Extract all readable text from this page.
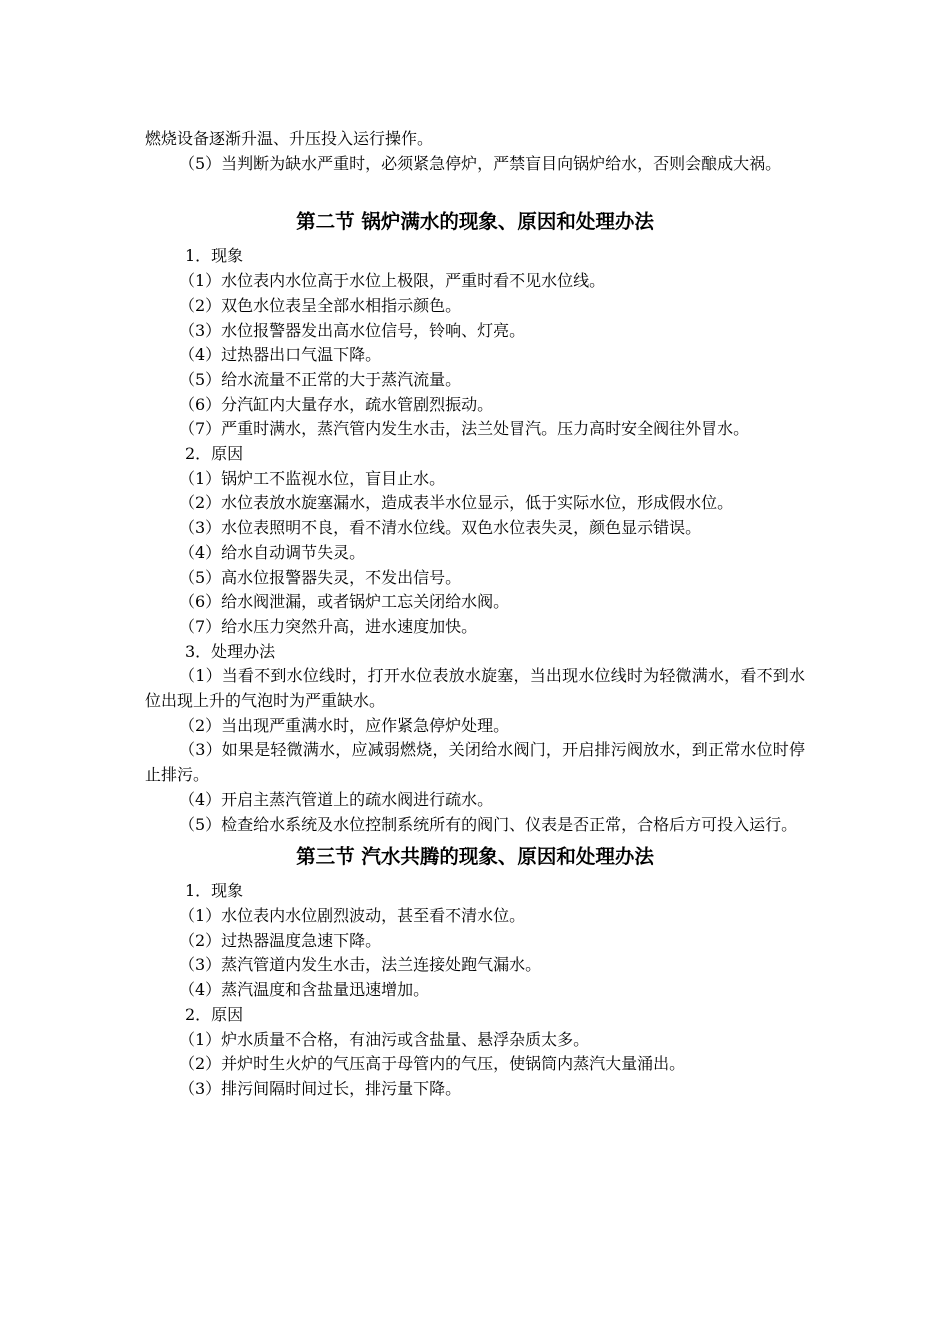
燃烧设备逐渐升温、升压投入运行操作。

（5）当判断为缺水严重时，必须紧急停炉，严禁盲目向锅炉给水，否则会酿成大祸。

第二节 锅炉满水的现象、原因和处理办法

1．现象

（1）水位表内水位高于水位上极限，严重时看不见水位线。

（2）双色水位表呈全部水相指示颜色。

（3）水位报警器发出高水位信号，铃响、灯亮。

（4）过热器出口气温下降。

（5）给水流量不正常的大于蒸汽流量。

（6）分汽缸内大量存水，疏水管剧烈振动。

（7）严重时满水，蒸汽管内发生水击，法兰处冒汽。压力高时安全阀往外冒水。

2．原因

（1）锅炉工不监视水位，盲目止水。

（2）水位表放水旋塞漏水，造成表半水位显示，低于实际水位，形成假水位。

（3）水位表照明不良，看不清水位线。双色水位表失灵，颜色显示错误。

（4）给水自动调节失灵。

（5）高水位报警器失灵，不发出信号。

（6）给水阀泄漏，或者锅炉工忘关闭给水阀。

（7）给水压力突然升高，进水速度加快。

3．处理办法

（1）当看不到水位线时，打开水位表放水旋塞，当出现水位线时为轻微满水，看不到水位出现上升的气泡时为严重缺水。

（2）当出现严重满水时，应作紧急停炉处理。

（3）如果是轻微满水，应减弱燃烧，关闭给水阀门，开启排污阀放水，到正常水位时停止排污。

（4）开启主蒸汽管道上的疏水阀进行疏水。

（5）检查给水系统及水位控制系统所有的阀门、仪表是否正常，合格后方可投入运行。

第三节 汽水共腾的现象、原因和处理办法

1．现象

（1）水位表内水位剧烈波动，甚至看不清水位。

（2）过热器温度急速下降。

（3）蒸汽管道内发生水击，法兰连接处跑气漏水。

（4）蒸汽温度和含盐量迅速增加。

2．原因

（1）炉水质量不合格，有油污或含盐量、悬浮杂质太多。

（2）并炉时生火炉的气压高于母管内的气压，使锅筒内蒸汽大量涌出。

（3）排污间隔时间过长，排污量下降。
